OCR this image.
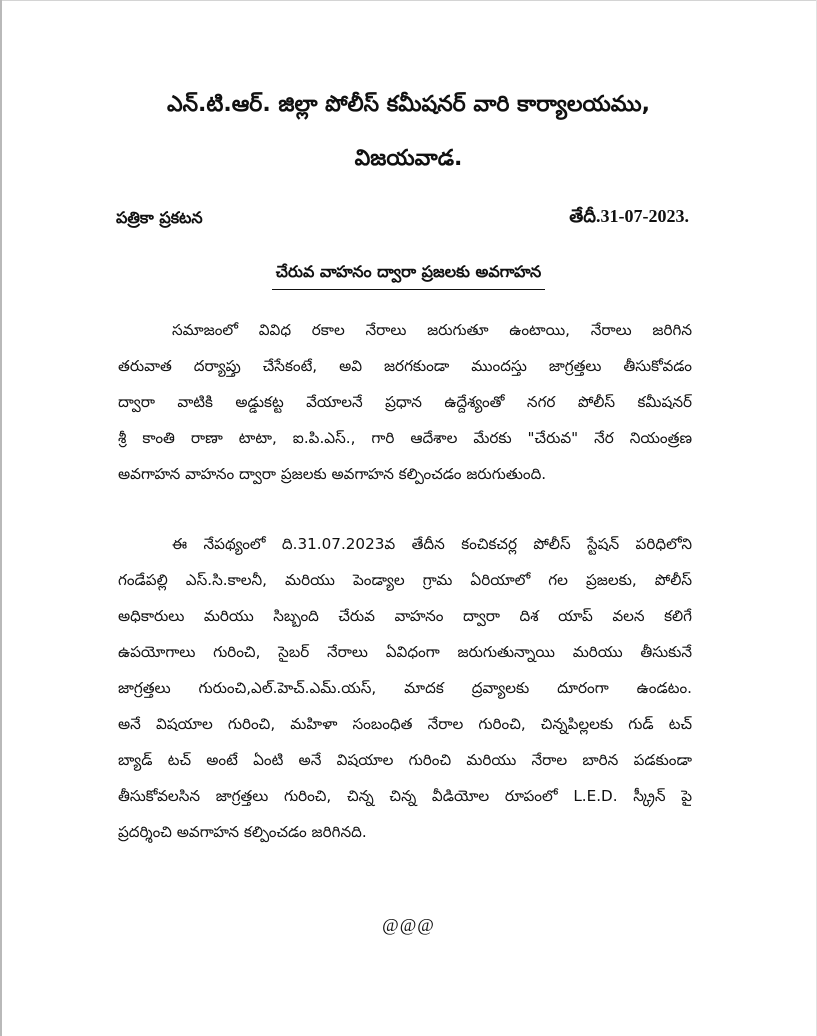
ఎన్.టి.ఆర్. జిల్లా పోలీస్ కమీషనర్ వారి కార్యాలయము,
విజయవాడ.
పత్రికా ప్రకటన	తేదీ.31-07-2023.
చేరువ వాహనం ద్వారా ప్రజలకు అవగాహన
సమాజంలో వివిధ రకాల నేరాలు జరుగుతూ ఉంటాయి, నేరాలు జరిగిన
తరువాత దర్యాప్తు చేసేకంటే, అవి జరగకుండా ముందస్తు జాగ్రత్తలు తీసుకోవడం
ద్వారా వాటికి అడ్డుకట్ట వేయాలనే ప్రధాన ఉద్దేశ్యంతో నగర పోలీస్ కమీషనర్
శ్రీ కాంతి రాణా టాటా, ఐ.పి.ఎస్., గారి ఆదేశాల మేరకు "చేరువ" నేర నియంత్రణ
అవగాహన వాహనం ద్వారా ప్రజలకు అవగాహన కల్పించడం జరుగుతుంది.
ఈ నేపథ్యంలో ది.31.07.2023వ తేదీన కంచికచర్ల పోలీస్ స్టేషన్ పరిధిలోని
గండేపల్లి ఎస్.సి.కాలనీ, మరియు పెండ్యాల గ్రామ ఏరియాలో గల ప్రజలకు, పోలీస్
అధికారులు మరియు సిబ్బంది చేరువ వాహనం ద్వారా దిశ యాప్ వలన కలిగే
ఉపయోగాలు గురించి, సైబర్ నేరాలు ఏవిధంగా జరుగుతున్నాయి మరియు తీసుకునే
జాగ్రత్తలు గురుంచి,ఎల్.హెచ్.ఎమ్.యస్, మాదక ద్రవ్యాలకు దూరంగా ఉండటం.
అనే విషయాల గురించి, మహిళా సంబంధిత నేరాల గురించి, చిన్నపిల్లలకు గుడ్ టచ్
బ్యాడ్ టచ్ అంటే ఏంటి అనే విషయాల గురించి మరియు నేరాల బారిన పడకుండా
తీసుకోవలసిన జాగ్రత్తలు గురించి, చిన్న చిన్న వీడియోల రూపంలో L.E.D. స్క్రీన్ పై
ప్రదర్శించి అవగాహన కల్పించడం జరిగినది.
@@@
